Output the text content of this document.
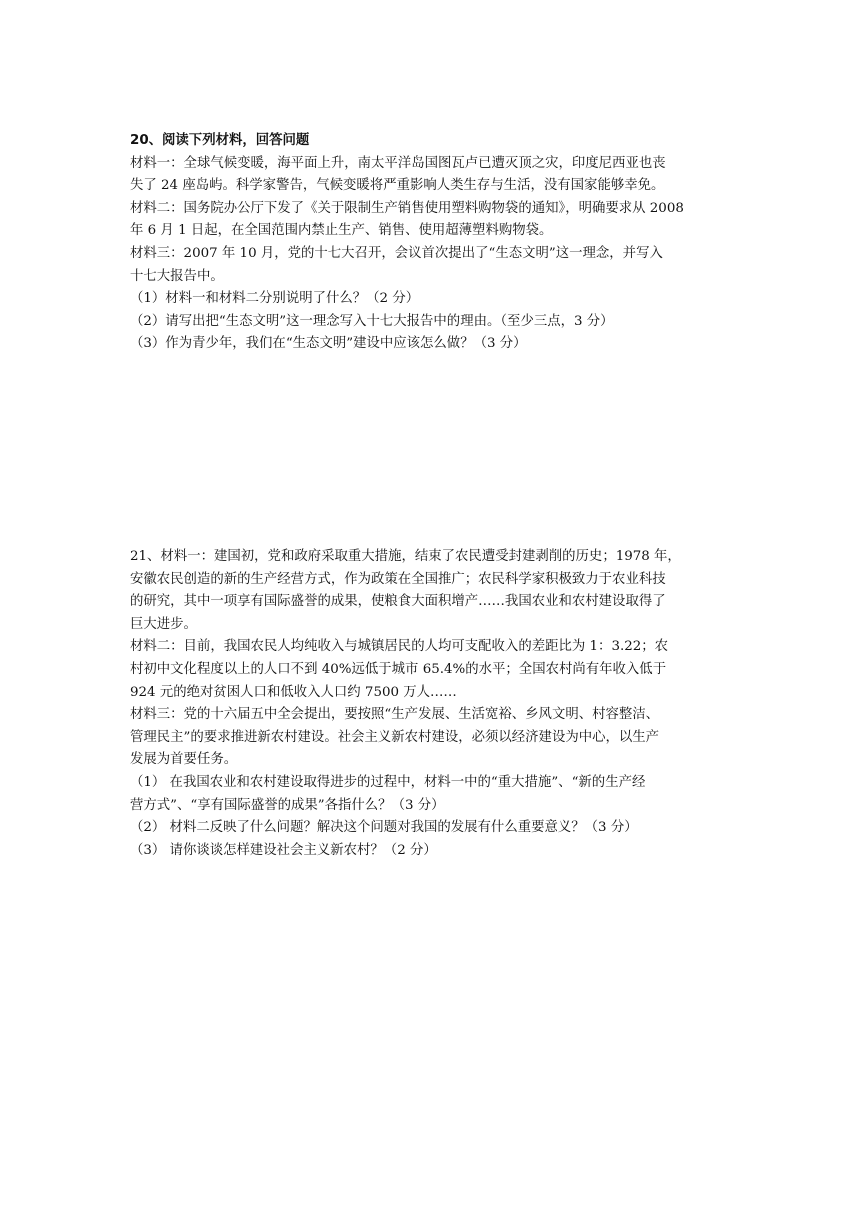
20、阅读下列材料，回答问题
材料一：全球气候变暖，海平面上升，南太平洋岛国图瓦卢已遭灭顶之灾，印度尼西亚也丧
失了 24 座岛屿。科学家警告，气候变暖将严重影响人类生存与生活，没有国家能够幸免。
材料二：国务院办公厅下发了《关于限制生产销售使用塑料购物袋的通知》，明确要求从 2008
年 6 月 1 日起，在全国范围内禁止生产、销售、使用超薄塑料购物袋。
材料三：2007 年 10 月，党的十七大召开，会议首次提出了“生态文明”这一理念，并写入
十七大报告中。
（1）材料一和材料二分别说明了什么？（2 分）
（2）请写出把“生态文明”这一理念写入十七大报告中的理由。（至少三点，3 分）
（3）作为青少年，我们在“生态文明”建设中应该怎么做？（3 分）
21、材料一：建国初，党和政府采取重大措施，结束了农民遭受封建剥削的历史；1978 年，
安徽农民创造的新的生产经营方式，作为政策在全国推广；农民科学家积极致力于农业科技
的研究，其中一项享有国际盛誉的成果，使粮食大面积增产……我国农业和农村建设取得了
巨大进步。
材料二：目前，我国农民人均纯收入与城镇居民的人均可支配收入的差距比为 1：3.22；农
村初中文化程度以上的人口不到 40%远低于城市 65.4%的水平；全国农村尚有年收入低于
924 元的绝对贫困人口和低收入人口约 7500 万人……
材料三：党的十六届五中全会提出，要按照“生产发展、生活宽裕、乡风文明、村容整洁、
管理民主”的要求推进新农村建设。社会主义新农村建设，必须以经济建设为中心，以生产
发展为首要任务。
（1） 在我国农业和农村建设取得进步的过程中，材料一中的“重大措施”、“新的生产经
营方式”、“享有国际盛誉的成果”各指什么？（3 分）
（2） 材料二反映了什么问题？解决这个问题对我国的发展有什么重要意义？（3 分）
（3） 请你谈谈怎样建设社会主义新农村？（2 分）
